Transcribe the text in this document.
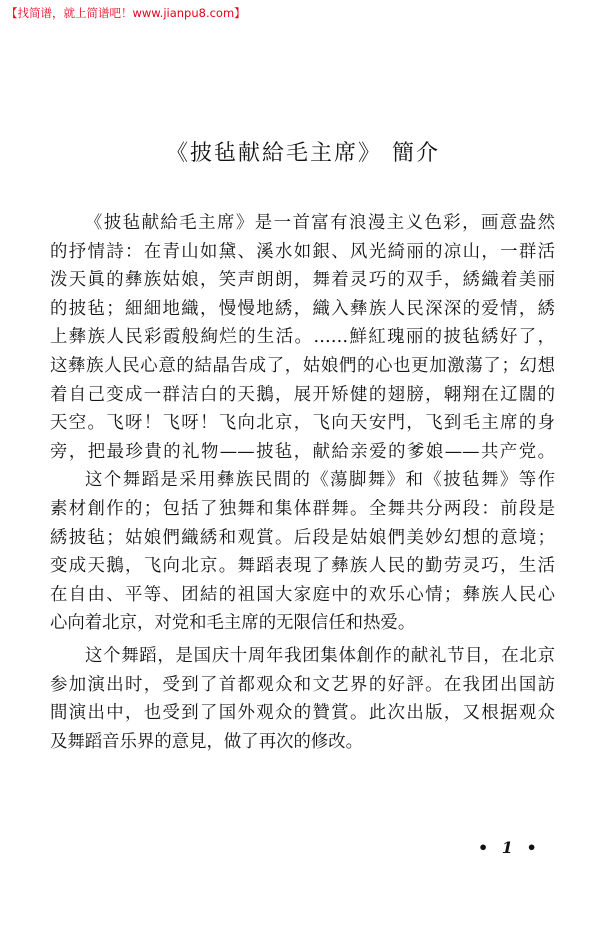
【找简谱，就上简谱吧！www.jianpu8.com】
《披毡献給毛主席》 簡介
《披毡献給毛主席》是一首富有浪漫主义色彩，画意盎然
的抒情詩：在青山如黛、溪水如銀、风光綺丽的凉山，一群活
泼天眞的彝族姑娘，笑声朗朗，舞着灵巧的双手，綉織着美丽
的披毡；細細地織，慢慢地綉，織入彝族人民深深的爱情，綉
上彝族人民彩霞般絢烂的生活。……鮮紅瑰丽的披毡綉好了，
这彝族人民心意的結晶告成了，姑娘們的心也更加激蕩了；幻想
着自己变成一群洁白的天鵝，展开矫健的翅膀，翺翔在辽闊的
天空。飞呀！飞呀！飞向北京，飞向天安門，飞到毛主席的身
旁，把最珍貴的礼物——披毡，献給亲爱的爹娘——共产党。
这个舞蹈是采用彝族民間的《蕩脚舞》和《披毡舞》等作
素材創作的；包括了独舞和集体群舞。全舞共分两段：前段是
綉披毡；姑娘們織綉和观賞。后段是姑娘們美妙幻想的意境；
变成天鵝，飞向北京。舞蹈表現了彝族人民的勤劳灵巧，生活
在自由、平等、团結的祖国大家庭中的欢乐心情；彝族人民心
心向着北京，对党和毛主席的无限信任和热爱。
这个舞蹈，是国庆十周年我团集体創作的献礼节目，在北京
参加演出时，受到了首都观众和文艺界的好評。在我团出国訪
間演出中，也受到了国外观众的贊賞。此次出版，又根据观众
及舞蹈音乐界的意見，做了再次的修改。
• 1 •
